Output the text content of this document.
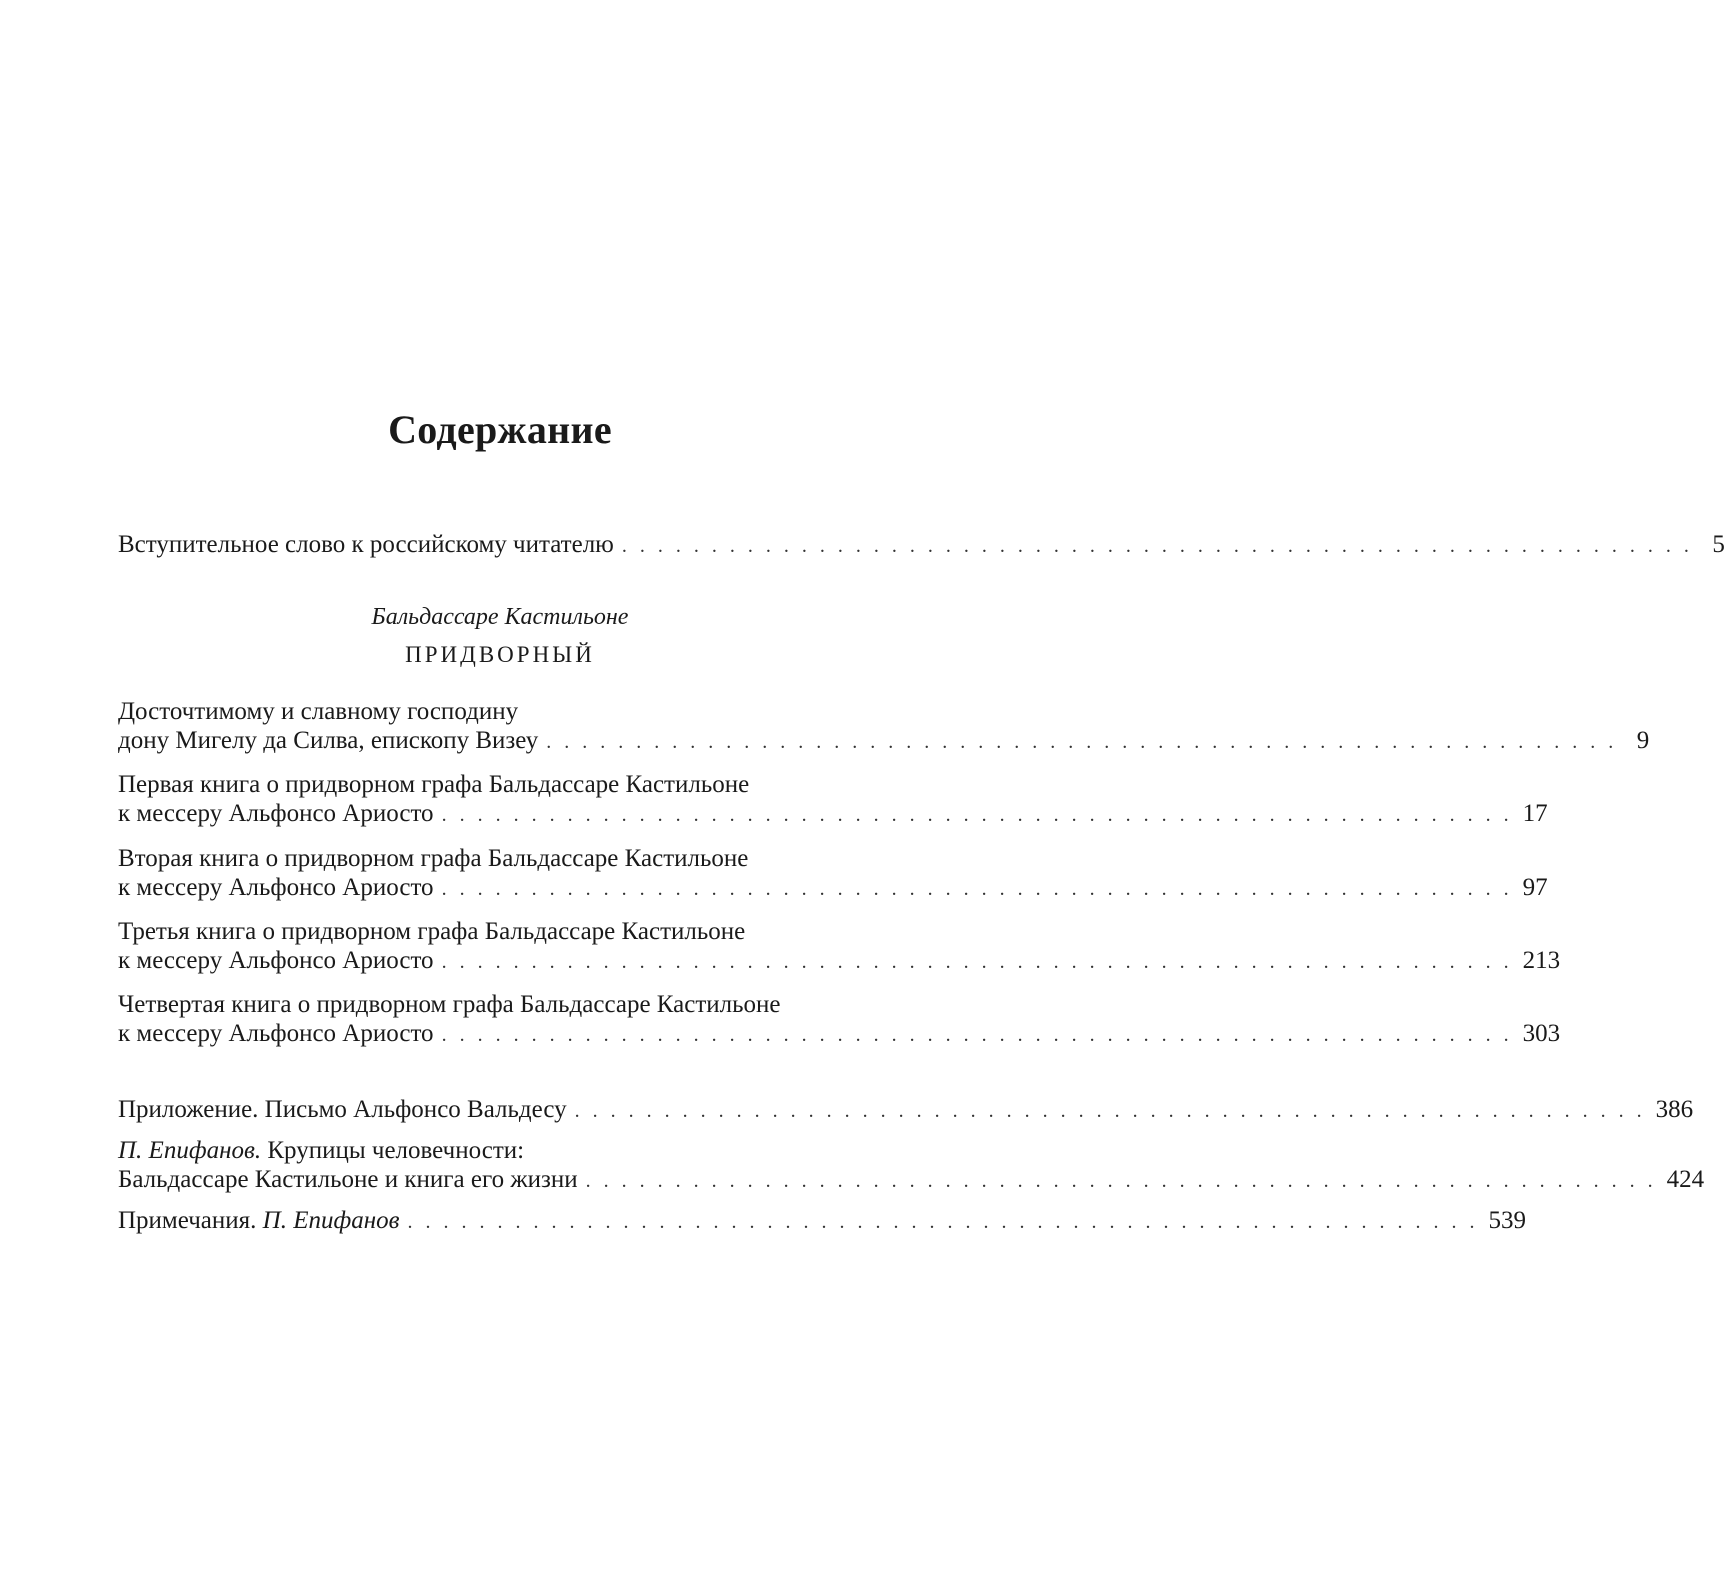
Содержание
Вступительное слово к российскому читателю . . . . . . . . . . . . . . . . . . . . . . . . . . . . . . . . . . . . . . . . . . . . . . . . . . . . . . . . . . . . 5
Досточтимому и славному господину
дону Мигелу да Силва, епископу Визеу . . . . . . . . . . . . . . . . . . . . . . . . . . . . . . . . . . . . . . . . . . . . . . . . . . . . . . . . . . . . 9
Первая книга о придворном графа Бальдассаре Кастильоне
к мессеру Альфонсо Ариосто . . . . . . . . . . . . . . . . . . . . . . . . . . . . . . . . . . . . . . . . . . . . . . . . . . . . . . . . . . . . 17
Вторая книга о придворном графа Бальдассаре Кастильоне
к мессеру Альфонсо Ариосто . . . . . . . . . . . . . . . . . . . . . . . . . . . . . . . . . . . . . . . . . . . . . . . . . . . . . . . . . . . . 97
Третья книга о придворном графа Бальдассаре Кастильоне
к мессеру Альфонсо Ариосто . . . . . . . . . . . . . . . . . . . . . . . . . . . . . . . . . . . . . . . . . . . . . . . . . . . . . . . . . . . . 213
Четвертая книга о придворном графа Бальдассаре Кастильоне
к мессеру Альфонсо Ариосто . . . . . . . . . . . . . . . . . . . . . . . . . . . . . . . . . . . . . . . . . . . . . . . . . . . . . . . . . . . . 303
Приложение. Письмо Альфонсо Вальдесу . . . . . . . . . . . . . . . . . . . . . . . . . . . . . . . . . . . . . . . . . . . . . . . . . . . . . . . . . . . . 386
П. Епифанов.
Крупицы человечности:
Бальдассаре Кастильоне и книга его жизни . . . . . . . . . . . . . . . . . . . . . . . . . . . . . . . . . . . . . . . . . . . . . . . . . . . . . . . . . . . . 424
Примечания.
П. Епифанов . . . . . . . . . . . . . . . . . . . . . . . . . . . . . . . . . . . . . . . . . . . . . . . . . . . . . . . . . . . . 539
Бальдассаре Кастильоне
ПРИДВОРНЫЙ
